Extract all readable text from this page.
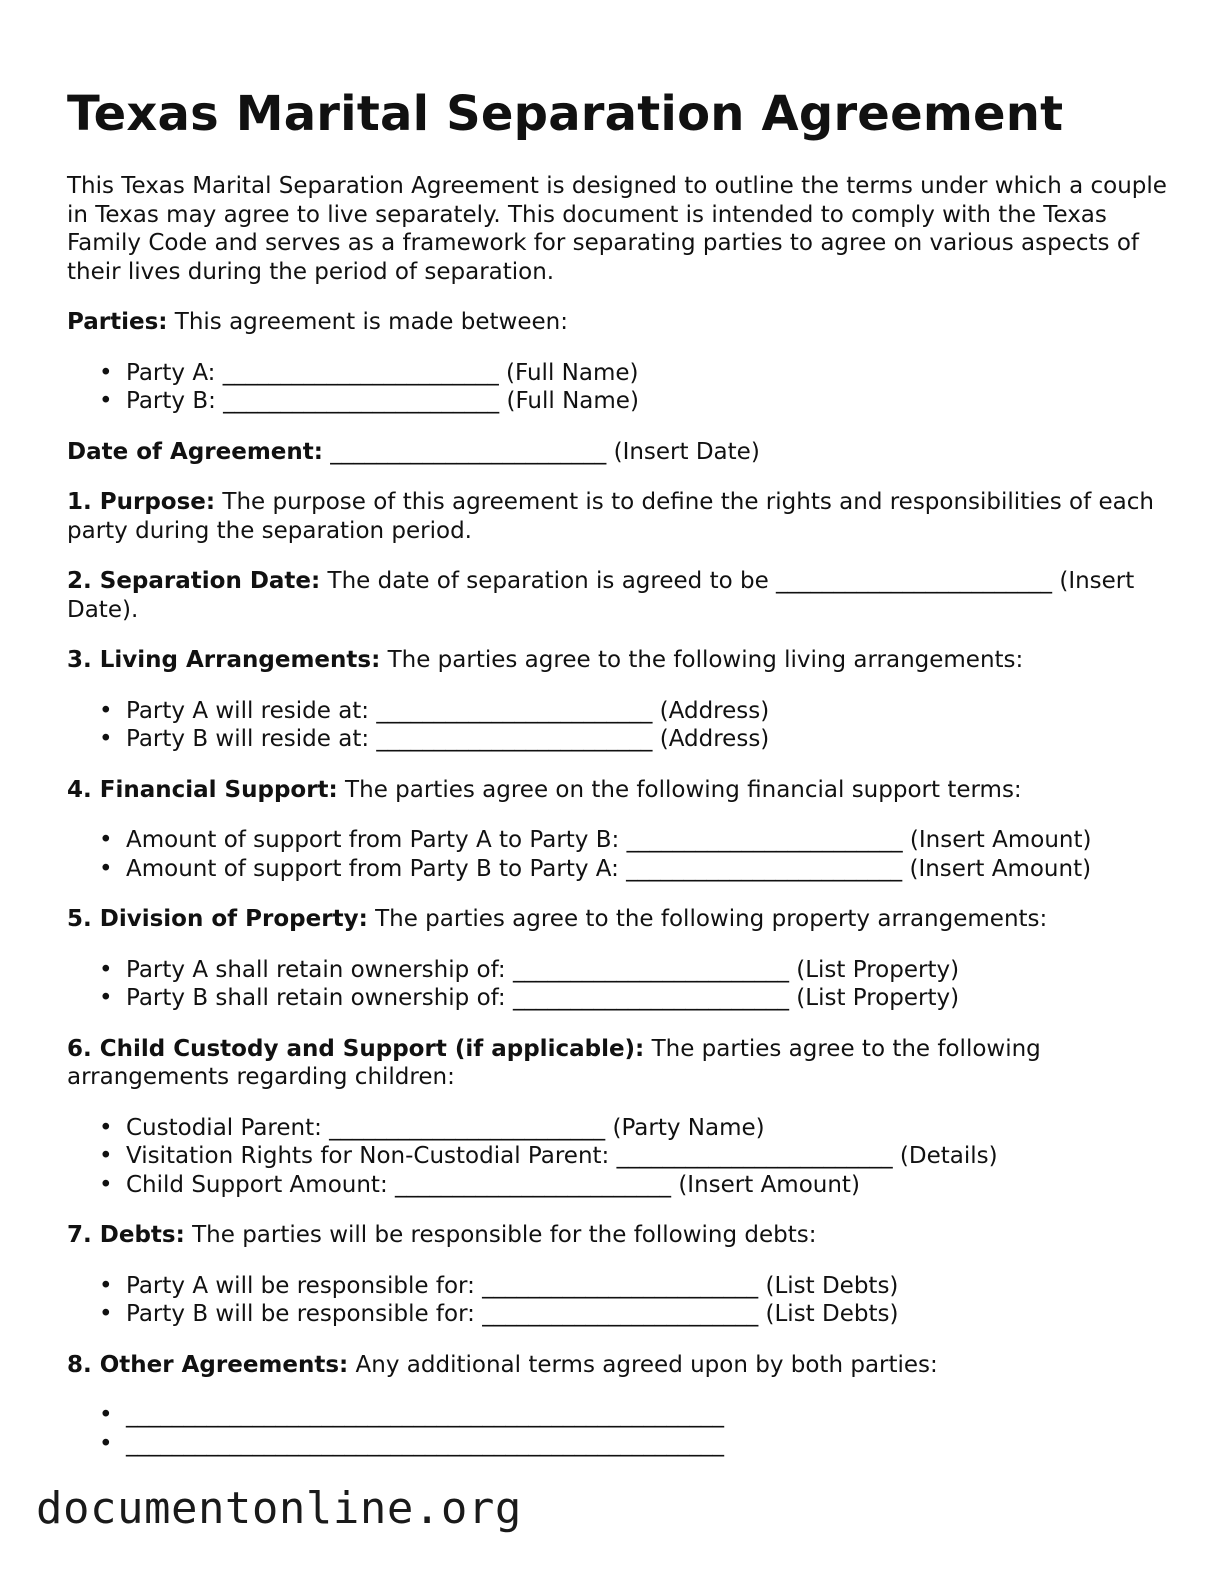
Texas Marital Separation Agreement

This Texas Marital Separation Agreement is designed to outline the terms under which a couple in Texas may agree to live separately. This document is intended to comply with the Texas Family Code and serves as a framework for separating parties to agree on various aspects of their lives during the period of separation.

Parties: This agreement is made between:

• Party A: ________________________ (Full Name)
• Party B: ________________________ (Full Name)

Date of Agreement: ________________________ (Insert Date)

1. Purpose: The purpose of this agreement is to define the rights and responsibilities of each party during the separation period.

2. Separation Date: The date of separation is agreed to be ________________________ (Insert Date).

3. Living Arrangements: The parties agree to the following living arrangements:

• Party A will reside at: ________________________ (Address)
• Party B will reside at: ________________________ (Address)

4. Financial Support: The parties agree on the following financial support terms:

• Amount of support from Party A to Party B: ________________________ (Insert Amount)
• Amount of support from Party B to Party A: ________________________ (Insert Amount)

5. Division of Property: The parties agree to the following property arrangements:

• Party A shall retain ownership of: ________________________ (List Property)
• Party B shall retain ownership of: ________________________ (List Property)

6. Child Custody and Support (if applicable): The parties agree to the following arrangements regarding children:

• Custodial Parent: ________________________ (Party Name)
• Visitation Rights for Non-Custodial Parent: ________________________ (Details)
• Child Support Amount: ________________________ (Insert Amount)

7. Debts: The parties will be responsible for the following debts:

• Party A will be responsible for: ________________________ (List Debts)
• Party B will be responsible for: ________________________ (List Debts)

8. Other Agreements: Any additional terms agreed upon by both parties:

• ____________________________________________________
• ____________________________________________________
documentonline.org
